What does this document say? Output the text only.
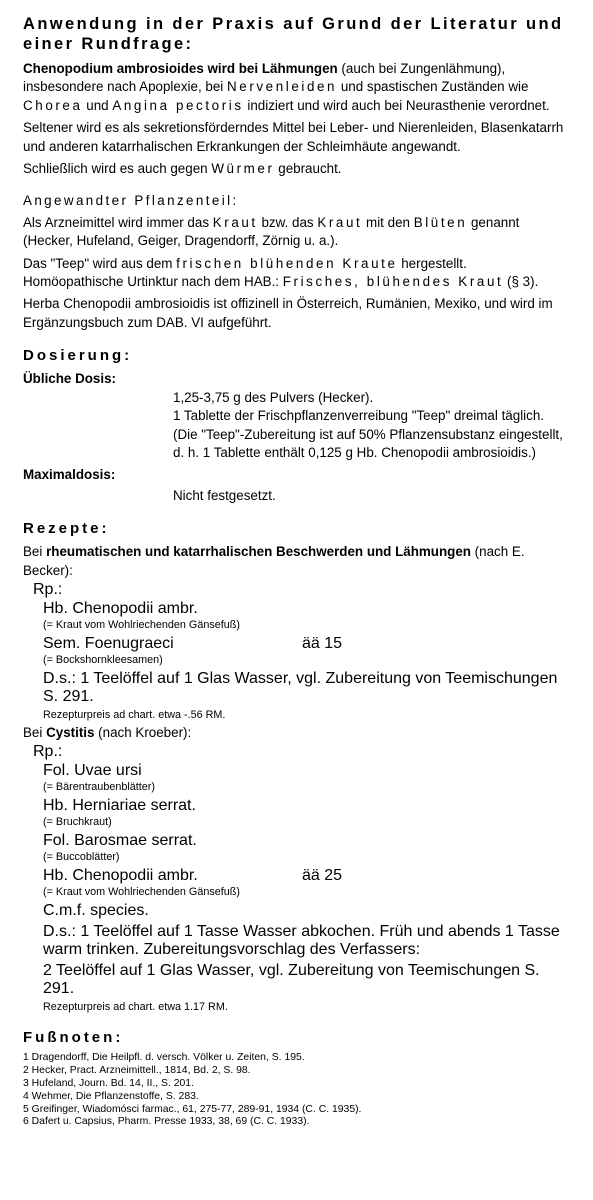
Anwendung in der Praxis auf Grund der Literatur und einer Rundfrage:

Chenopodium ambrosioides wird bei Lähmungen (auch bei Zungenlähmung), insbesondere nach Apoplexie, bei Nervenleiden und spastischen Zuständen wie Chorea und Angina pectoris indiziert und wird auch bei Neurasthenie verordnet.

Seltener wird es als sekretionsförderndes Mittel bei Leber- und Nierenleiden, Blasenkatarrh und anderen katarrhalischen Erkrankungen der Schleimhäute angewandt.

Schließlich wird es auch gegen Würmer gebraucht.

Angewandter Pflanzenteil:

Als Arzneimittel wird immer das Kraut bzw. das Kraut mit den Blüten genannt (Hecker, Hufeland, Geiger, Dragendorff, Zörnig u. a.).

Das "Teep" wird aus dem frischen blühenden Kraute hergestellt.

Homöopathische Urtinktur nach dem HAB.: Frisches, blühendes Kraut (§ 3).

Herba Chenopodii ambrosioidis ist offizinell in Österreich, Rumänien, Mexiko, und wird im Ergänzungsbuch zum DAB. VI aufgeführt.

Dosierung:
Übliche Dosis:
1,25-3,75 g des Pulvers (Hecker).
1 Tablette der Frischpflanzenverreibung "Teep" dreimal täglich.
(Die "Teep"-Zubereitung ist auf 50% Pflanzensubstanz eingestellt, d. h. 1 Tablette enthält 0,125 g Hb. Chenopodii ambrosioidis.)
Maximaldosis:
Nicht festgesetzt.
Rezepte:

Bei rheumatischen und katarrhalischen Beschwerden und Lähmungen (nach E. Becker):

Rp.:
Hb. Chenopodii ambr.
(= Kraut vom Wohlriechenden Gänsefuß)
Sem. Foenugraeci	ää 15
(= Bockshornkleesamen)
D.s.: 1 Teelöffel auf 1 Glas Wasser, vgl. Zubereitung von Teemischungen S. 291.
Rezepturpreis ad chart. etwa -.56 RM.

Bei Cystitis (nach Kroeber):

Rp.:
Fol. Uvae ursi
(= Bärentraubenblätter)
Hb. Herniariae serrat.
(= Bruchkraut)
Fol. Barosmae serrat.
(= Buccoblätter)
Hb. Chenopodii ambr.	ää 25
(= Kraut vom Wohlriechenden Gänsefuß)
C.m.f. species.
D.s.: 1 Teelöffel auf 1 Tasse Wasser abkochen. Früh und abends 1 Tasse warm trinken. Zubereitungsvorschlag des Verfassers:
2 Teelöffel auf 1 Glas Wasser, vgl. Zubereitung von Teemischungen S. 291.
Rezepturpreis ad chart. etwa 1.17 RM.
Fußnoten:
1 Dragendorff, Die Heilpfl. d. versch. Völker u. Zeiten, S. 195.
2 Hecker, Pract. Arzneimittell., 1814, Bd. 2, S. 98.
3 Hufeland, Journ. Bd. 14, II., S. 201.
4 Wehmer, Die Pflanzenstoffe, S. 283.
5 Greifinger, Wiadomósci farmac., 61, 275-77, 289-91, 1934 (C. C. 1935).
6 Dafert u. Capsius, Pharm. Presse 1933, 38, 69 (C. C. 1933).
